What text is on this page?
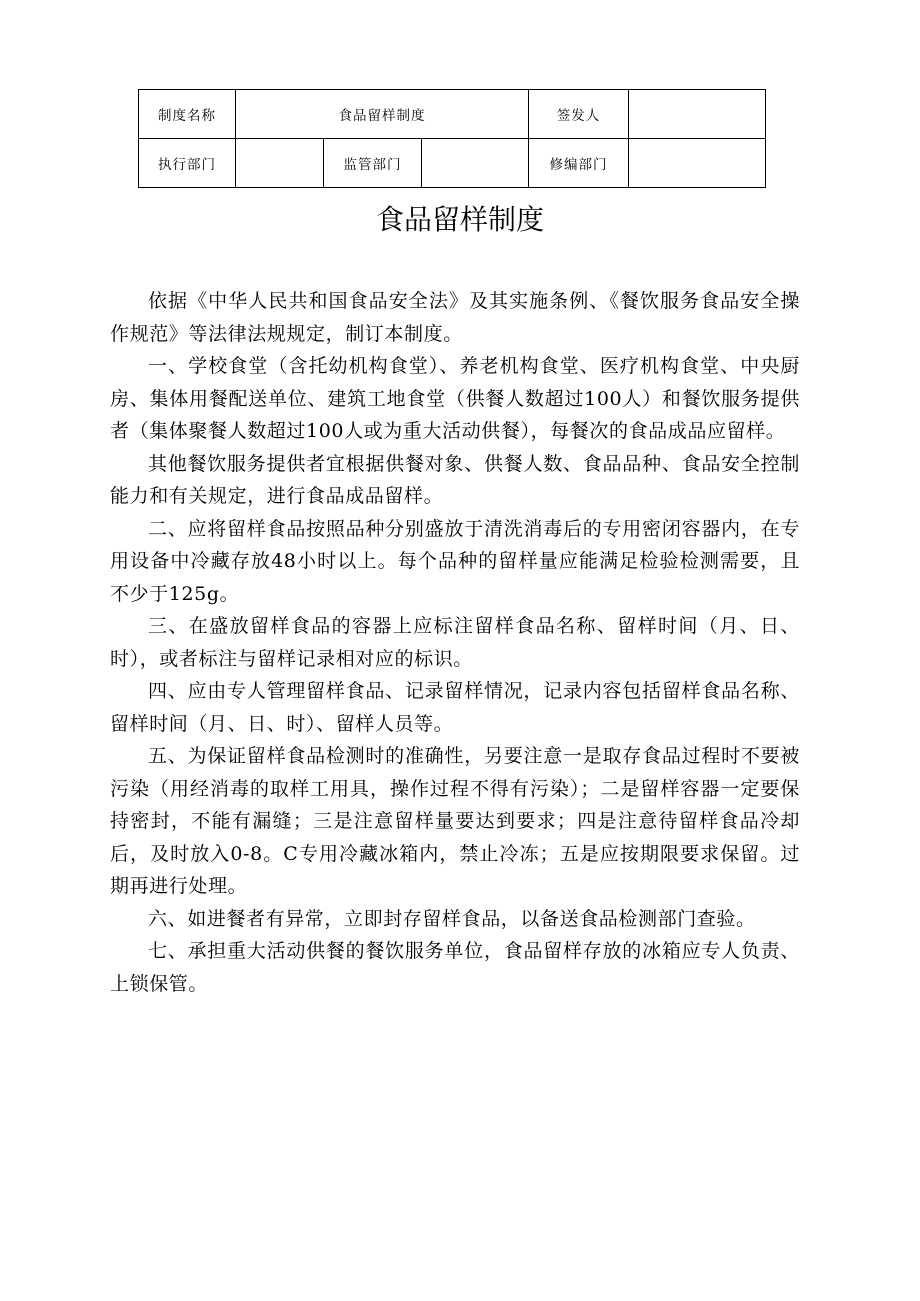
制度名称	食品留样制度			签发人	
执行部门		监管部门		修编部门	
食品留样制度

依据《中华人民共和国食品安全法》及其实施条例、《餐饮服务食品安全操作规范》等法律法规规定，制订本制度。

一、学校食堂（含托幼机构食堂）、养老机构食堂、医疗机构食堂、中央厨房、集体用餐配送单位、建筑工地食堂（供餐人数超过100人）和餐饮服务提供者（集体聚餐人数超过100人或为重大活动供餐），每餐次的食品成品应留样。

其他餐饮服务提供者宜根据供餐对象、供餐人数、食品品种、食品安全控制能力和有关规定，进行食品成品留样。

二、应将留样食品按照品种分别盛放于清洗消毒后的专用密闭容器内，在专用设备中冷藏存放48小时以上。每个品种的留样量应能满足检验检测需要，且不少于125g。

三、在盛放留样食品的容器上应标注留样食品名称、留样时间（月、日、时），或者标注与留样记录相对应的标识。

四、应由专人管理留样食品、记录留样情况，记录内容包括留样食品名称、留样时间（月、日、时）、留样人员等。

五、为保证留样食品检测时的准确性，另要注意一是取存食品过程时不要被污染（用经消毒的取样工用具，操作过程不得有污染）；二是留样容器一定要保持密封，不能有漏缝；三是注意留样量要达到要求；四是注意待留样食品冷却后，及时放入0-8。C专用冷藏冰箱内，禁止冷冻；五是应按期限要求保留。过期再进行处理。

六、如进餐者有异常，立即封存留样食品，以备送食品检测部门查验。

七、承担重大活动供餐的餐饮服务单位，食品留样存放的冰箱应专人负责、上锁保管。
